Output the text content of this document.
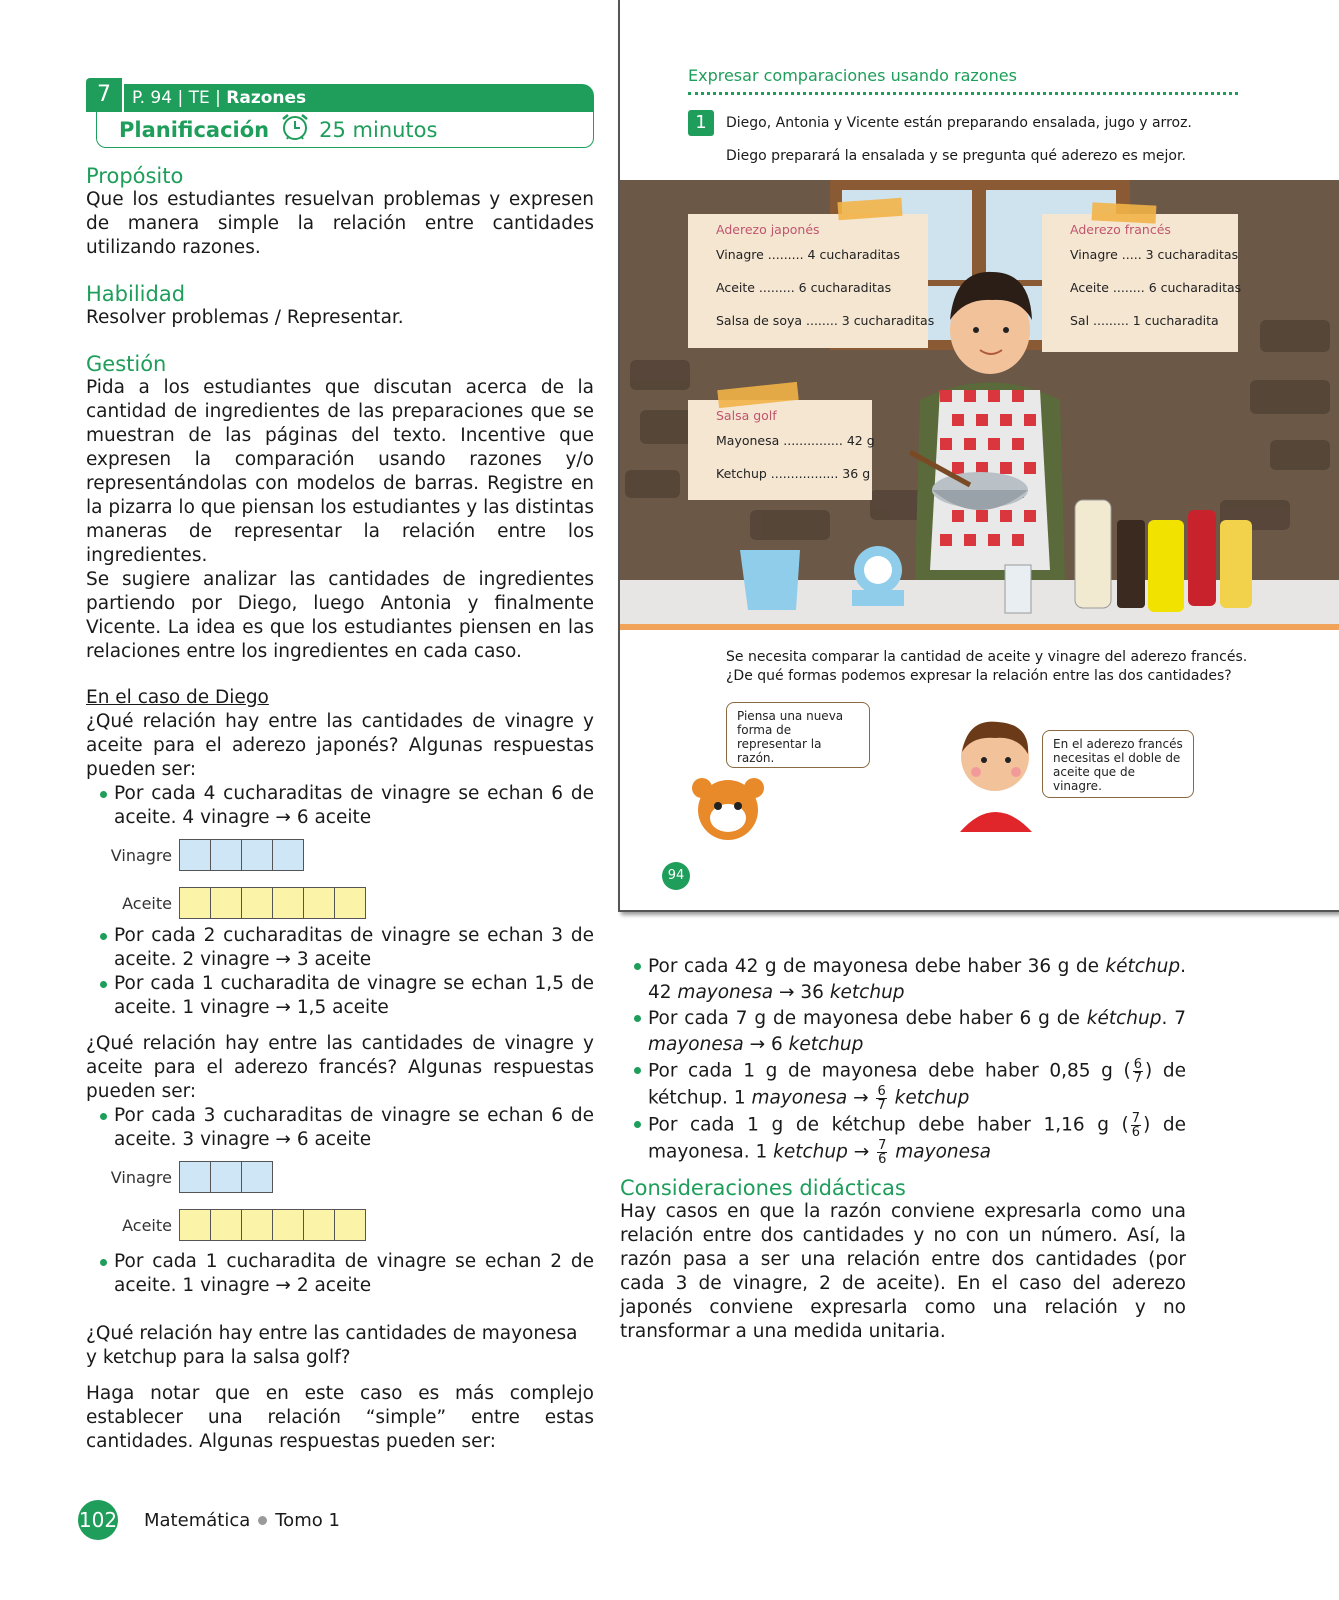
7	P. 94 | TE | Razones
Planificación 25 minutos
Propósito

Que los estudiantes resuelvan problemas y expresen de manera simple la relación entre cantidades utilizando razones.

Habilidad

Resolver problemas / Representar.

Gestión

Pida a los estudiantes que discutan acerca de la cantidad de ingredientes de las preparaciones que se muestran de las páginas del texto. Incentive que expresen la comparación usando razones y/o representándolas con modelos de barras. Registre en la pizarra lo que piensan los estudiantes y las distintas maneras de representar la relación entre los ingredientes.

Se sugiere analizar las cantidades de ingredientes partiendo por Diego, luego Antonia y finalmente Vicente. La idea es que los estudiantes piensen en las relaciones entre los ingredientes en cada caso.

En el caso de Diego

¿Qué relación hay entre las cantidades de vinagre y aceite para el aderezo japonés? Algunas respuestas pueden ser:

Por cada 4 cucharaditas de vinagre se echan 6 de aceite. 4 vinagre → 6 aceite
Vinagre
Aceite
Por cada 2 cucharaditas de vinagre se echan 3 de aceite. 2 vinagre → 3 aceite
Por cada 1 cucharadita de vinagre se echan 1,5 de aceite. 1 vinagre → 1,5 aceite

¿Qué relación hay entre las cantidades de vinagre y aceite para el aderezo francés? Algunas respuestas pueden ser:

Por cada 3 cucharaditas de vinagre se echan 6 de aceite. 3 vinagre → 6 aceite
Vinagre
Aceite
Por cada 1 cucharadita de vinagre se echan 2 de aceite. 1 vinagre → 2 aceite

¿Qué relación hay entre las cantidades de mayonesa y ketchup para la salsa golf?

Haga notar que en este caso es más complejo establecer una relación “simple” entre estas cantidades. Algunas respuestas pueden ser:

Expresar comparaciones usando razones
1	Diego, Antonia y Vicente están preparando ensalada, jugo y arroz.
Diego preparará la ensalada y se pregunta qué aderezo es mejor.
Aderezo japonés
Vinagre ......... 4 cucharaditas
Aceite ......... 6 cucharaditas
Salsa de soya ........ 3 cucharaditas
Aderezo francés
Vinagre ..... 3 cucharaditas
Aceite ........ 6 cucharaditas
Sal ......... 1 cucharadita
Salsa golf
Mayonesa ............... 42 g
Ketchup ................. 36 g
Se necesita comparar la cantidad de aceite y vinagre del aderezo francés.
¿De qué formas podemos expresar la relación entre las dos cantidades?
Piensa una nueva forma de representar la razón.
En el aderezo francés necesitas el doble de aceite que de vinagre.
94
Por cada 42 g de mayonesa debe haber 36 g de kétchup. 42 mayonesa → 36 ketchup
Por cada 7 g de mayonesa debe haber 6 g de kétchup. 7 mayonesa → 6 ketchup
Por cada 1 g de mayonesa debe haber 0,85 g ( $\frac{6}{7}$ ) de kétchup. 1 mayonesa → $\frac{6}{7}$ ketchup
Por cada 1 g de kétchup debe haber 1,16 g ( $\frac{7}{6}$ ) de mayonesa. 1 ketchup → $\frac{7}{6}$ mayonesa
Consideraciones didácticas

Hay casos en que la razón conviene expresarla como una relación entre dos cantidades y no con un número. Así, la razón pasa a ser una relación entre dos cantidades (por cada 3 de vinagre, 2 de aceite). En el caso del aderezo japonés conviene expresarla como una relación y no transformar a una medida unitaria.

102 Matemática Tomo 1
